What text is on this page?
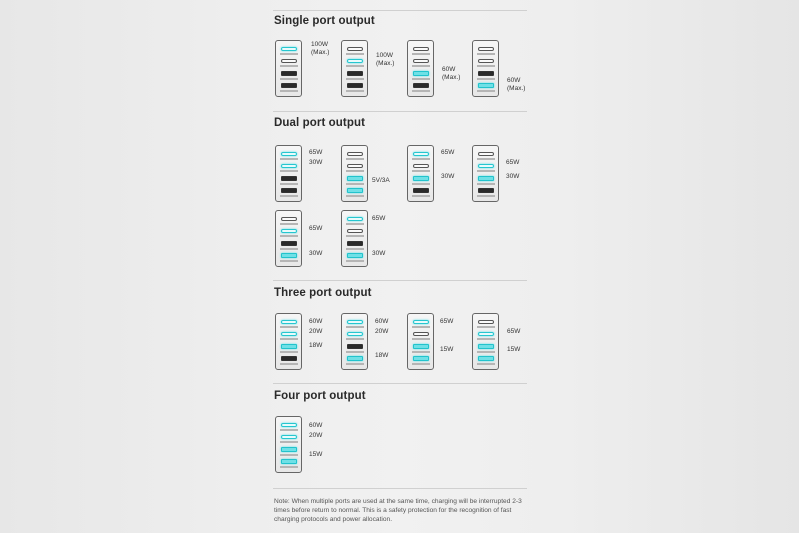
Single port output
Dual port output
Three port output
Four port output
100W
(Max.)	100W
(Max.)
60W
(Max.)	60W
(Max.)
65W
30W
5V/3A
65W
30W
65W
30W
65W
30W
65W
30W
60W
20W
18W
60W
20W
18W
65W
15W
65W
15W
60W
20W
15W
Note: When multiple ports are used at the same time, charging will be interrupted 2-3 times before return to normal. This is a safety protection for the recognition of fast charging protocols and power allocation.
